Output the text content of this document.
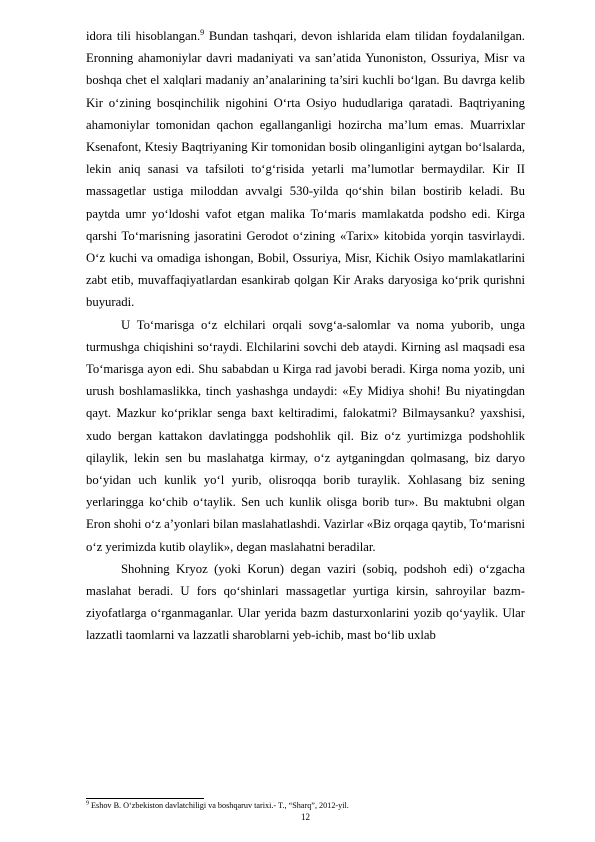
idora tili hisoblangan.$^9$ Bundan tashqari, devon ishlarida elam tilidan foydalanilgan. Eronning ahamoniylar davri madaniyati va san’atida Yunoniston, Ossuriya, Misr va boshqa chet el xalqlari madaniy an’analarining ta’siri kuchli bo‘lgan. Bu davrga kelib Kir o‘zining bosqinchilik nigohini O‘rta Osiyo hududlariga qaratadi. Baqtriyaning ahamoniylar tomonidan qachon egallanganligi hozircha ma’lum emas. Muarrixlar Ksenafont, Ktesiy Baqtriyaning Kir tomonidan bosib olinganligini aytgan bo‘lsalarda, lekin aniq sanasi va tafsiloti to‘g‘risida yetarli ma’lumotlar bermaydilar. Kir II massagetlar ustiga miloddan avvalgi 530-yilda qo‘shin bilan bostirib keladi. Bu paytda umr yo‘ldoshi vafot etgan malika To‘maris mamlakatda podsho edi. Kirga qarshi To‘marisning jasoratini Gerodot o‘zining «Tarix» kitobida yorqin tasvirlaydi. O‘z kuchi va omadiga ishongan, Bobil, Ossuriya, Misr, Kichik Osiyo mamlakatlarini zabt etib, muvaffaqiyatlardan esankirab qolgan Kir Araks daryosiga ko‘prik qurishni buyuradi.

U To‘marisga o‘z elchilari orqali sovg‘a-salomlar va noma yuborib, unga turmushga chiqishini so‘raydi. Elchilarini sovchi deb ataydi. Kirning asl maqsadi esa To‘marisga ayon edi. Shu sababdan u Kirga rad javobi beradi. Kirga noma yozib, uni urush boshlamaslikka, tinch yashashga undaydi: «Ey Midiya shohi! Bu niyatingdan qayt. Mazkur ko‘priklar senga baxt keltiradimi, falokatmi? Bilmaysanku? yaxshisi, xudo bergan kattakon davlatingga podshohlik qil. Biz o‘z yurtimizga podshohlik qilaylik, lekin sen bu maslahatga kirmay, o‘z aytganingdan qolmasang, biz daryo bo‘yidan uch kunlik yo‘l yurib, olisroqqa borib turaylik. Xohlasang biz sening yerlaringga ko‘chib o‘taylik. Sen uch kunlik olisga borib tur». Bu maktubni olgan Eron shohi o‘z a’yonlari bilan maslahatlashdi. Vazirlar «Biz orqaga qaytib, To‘marisni o‘z yerimizda kutib olaylik», degan maslahatni beradilar.

Shohning Kryoz (yoki Korun) degan vaziri (sobiq, podshoh edi) o‘zgacha maslahat beradi. U fors qo‘shinlari massagetlar yurtiga kirsin, sahroyilar bazm-ziyofatlarga o‘rganmaganlar. Ular yerida bazm dasturxonlarini yozib qo‘yaylik. Ular lazzatli taomlarni va lazzatli sharoblarni yeb-ichib, mast bo‘lib uxlab

$^9$ Eshov B. O‘zbekiston davlatchiligi va boshqaruv tarixi.- T., “Sharq”, 2012-yil.
12
